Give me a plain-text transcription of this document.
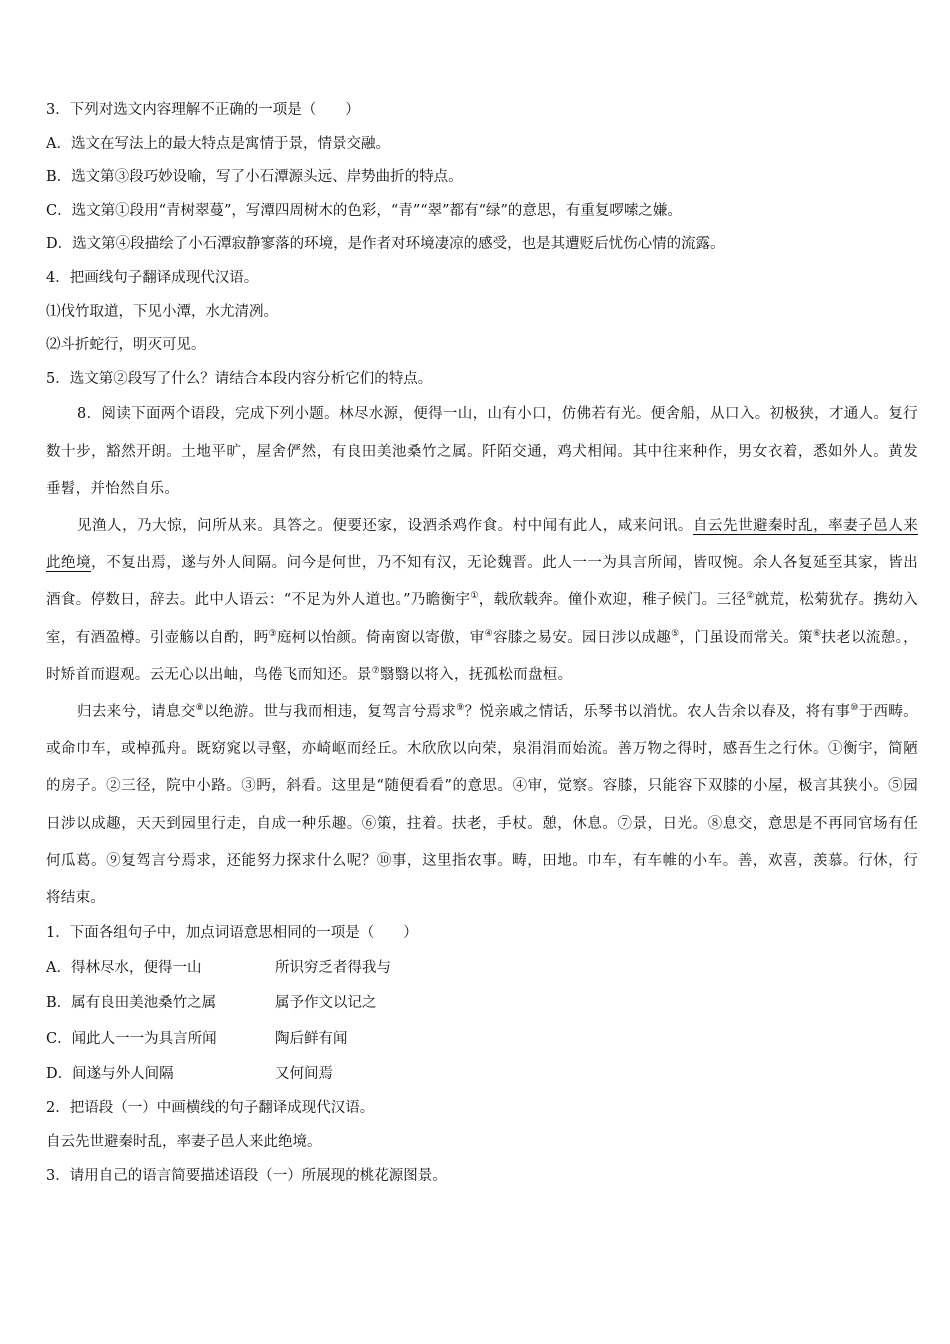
3．下列对选文内容理解不正确的一项是（　　）
A．选文在写法上的最大特点是寓情于景，情景交融。
B．选文第③段巧妙设喻，写了小石潭源头远、岸势曲折的特点。
C．选文第①段用“青树翠蔓”，写潭四周树木的色彩，“青”“翠”都有“绿”的意思，有重复啰嗦之嫌。
D．选文第④段描绘了小石潭寂静寥落的环境，是作者对环境凄凉的感受，也是其遭贬后忧伤心情的流露。
4．把画线句子翻译成现代汉语。
⑴伐竹取道，下见小潭，水尤清冽。
⑵斗折蛇行，明灭可见。
5．选文第②段写了什么？请结合本段内容分析它们的特点。
8．阅读下面两个语段，完成下列小题。林尽水源，便得一山，山有小口，仿佛若有光。便舍船，从口入。初极狭，才通人。复行数十步，豁然开朗。土地平旷，屋舍俨然，有良田美池桑竹之属。阡陌交通，鸡犬相闻。其中往来种作，男女衣着，悉如外人。黄发垂髫，并怡然自乐。
见渔人，乃大惊，问所从来。具答之。便要还家，设酒杀鸡作食。村中闻有此人，咸来问讯。自云先世避秦时乱，率妻子邑人来此绝境，不复出焉，遂与外人间隔。问今是何世，乃不知有汉，无论魏晋。此人一一为具言所闻，皆叹惋。余人各复延至其家，皆出酒食。停数日，辞去。此中人语云：“不足为外人道也。”乃瞻衡宇①，载欣载奔。僮仆欢迎，稚子候门。三径②就荒，松菊犹存。携幼入室，有酒盈樽。引壶觞以自酌，眄③庭柯以怡颜。倚南窗以寄傲，审④容膝之易安。园日涉以成趣⑤，门虽设而常关。策⑥扶老以流憩。，时矫首而遐观。云无心以出岫，鸟倦飞而知还。景⑦翳翳以将入，抚孤松而盘桓。
归去来兮，请息交⑧以绝游。世与我而相违，复驾言兮焉求⑨？悦亲戚之情话，乐琴书以消忧。农人告余以春及，将有事⑩于西畴。或命巾车，或棹孤舟。既窈窕以寻壑，亦崎岖而经丘。木欣欣以向荣，泉涓涓而始流。善万物之得时，感吾生之行休。①衡宇，简陋的房子。②三径，院中小路。③眄，斜看。这里是“随便看看”的意思。④审，觉察。容膝，只能容下双膝的小屋，极言其狭小。⑤园日涉以成趣，天天到园里行走，自成一种乐趣。⑥策，拄着。扶老，手杖。憩，休息。⑦景，日光。⑧息交，意思是不再同官场有任何瓜葛。⑨复驾言兮焉求，还能努力探求什么呢？⑩事，这里指农事。畴，田地。巾车，有车帷的小车。善，欢喜，羡慕。行休，行将结束。
1．下面各组句子中，加点词语意思相同的一项是（　　）
A．得林尽水，便得一山	所识穷乏者得我与
B．属有良田美池桑竹之属	属予作文以记之
C．闻此人一一为具言所闻	陶后鲜有闻
D．间遂与外人间隔	又何间焉
2．把语段（一）中画横线的句子翻译成现代汉语。
自云先世避秦时乱，率妻子邑人来此绝境。
3．请用自己的语言简要描述语段（一）所展现的桃花源图景。
